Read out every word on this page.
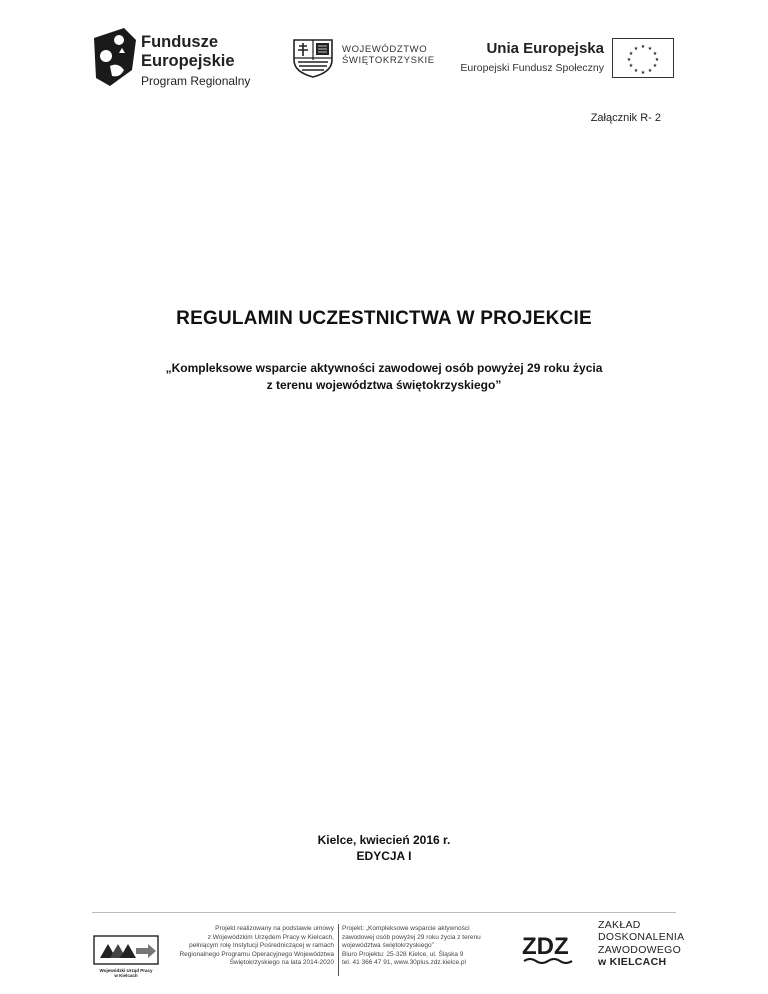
Fundusze
Europejskie
Program Regionalny
WOJEWÓDZTWO
ŚWIĘTOKRZYSKIE
Unia Europejska
Europejski Fundusz Społeczny
★ ★
★
★
★
★
★
★
★
★
★
★
Załącznik R- 2
REGULAMIN UCZESTNICTWA W PROJEKCIE
„Kompleksowe wsparcie aktywności zawodowej osób powyżej 29 roku życia
z terenu województwa świętokrzyskiego”
Kielce, kwiecień 2016 r.
EDYCJA I
Wojewódzki Urząd Pracy
w Kielcach
Projekt realizowany na podstawie umowy
z Wojewódzkim Urzędem Pracy w Kielcach,
pełniącym rolę Instytucji Pośredniczącej w ramach
Regionalnego Programu Operacyjnego Województwa
Świętokrzyskiego na lata 2014-2020
Projekt: „Kompleksowe wsparcie aktywności
zawodowej osób powyżej 29 roku życia z terenu
województwa świętokrzyskiego”
Biuro Projektu: 25-328 Kielce, ul. Śląska 9
tel. 41 366 47 91, www.30plus.zdz.kielce.pl
ZDZ
ZAKŁAD
DOSKONALENIA
ZAWODOWEGO
w KIELCACH
